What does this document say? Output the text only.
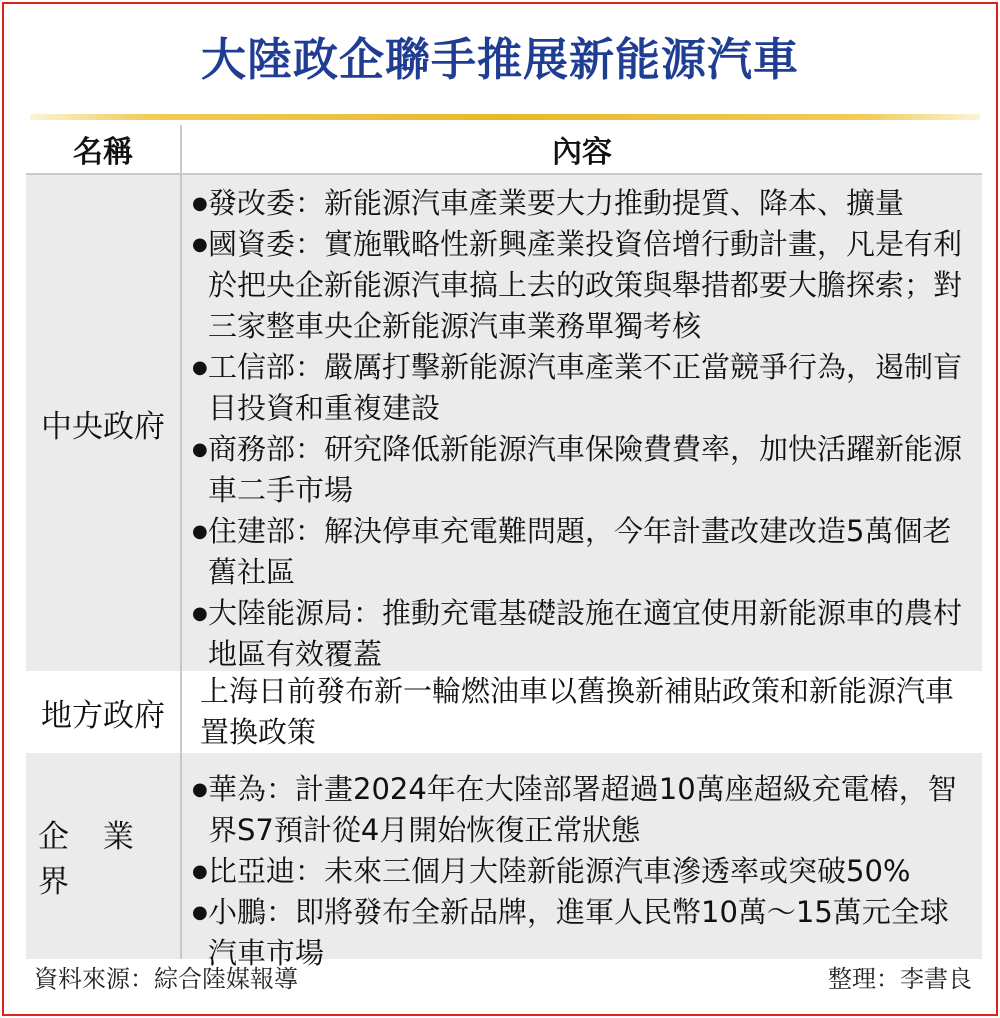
大陸政企聯手推展新能源汽車
名稱	內容
中央政府
● 發改委：新能源汽車產業要大力推動提質、降本、擴量
● 國資委：實施戰略性新興產業投資倍增行動計畫，凡是有利於把央企新能源汽車搞上去的政策與舉措都要大膽探索；對三家整車央企新能源汽車業務單獨考核
● 工信部：嚴厲打擊新能源汽車產業不正當競爭行為，遏制盲目投資和重複建設
● 商務部：研究降低新能源汽車保險費費率，加快活躍新能源車二手市場
● 住建部：解決停車充電難問題，今年計畫改建改造5萬個老舊社區
● 大陸能源局：推動充電基礎設施在適宜使用新能源車的農村地區有效覆蓋
地方政府
上海日前發布新一輪燃油車以舊換新補貼政策和新能源汽車置換政策
企 業 界
● 華為：計畫2024年在大陸部署超過10萬座超級充電樁，智界S7預計從4月開始恢復正常狀態
● 比亞迪：未來三個月大陸新能源汽車滲透率或突破50%
● 小鵬：即將發布全新品牌，進軍人民幣10萬～15萬元全球汽車市場
資料來源：綜合陸媒報導	整理：李書良
